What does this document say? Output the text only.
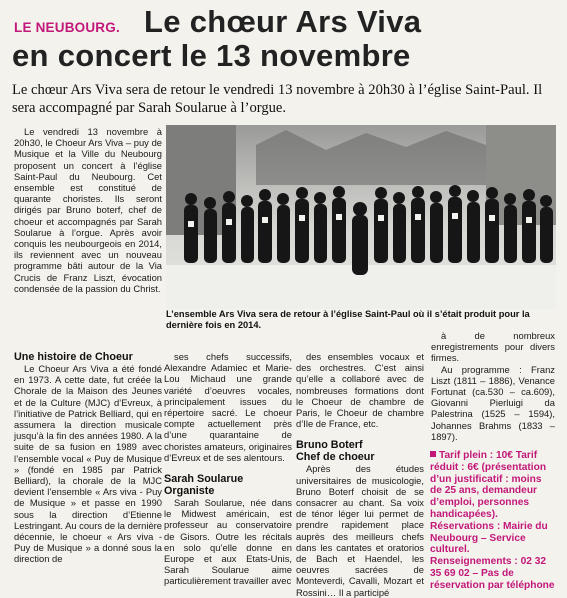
LE NEUBOURG. Le chœur Ars Viva
en concert le 13 novembre
Le chœur Ars Viva sera de retour le vendredi 13 novembre à 20h30 à l’église Saint-Paul. Il sera accompagné par Sarah Soularue à l’orgue.

Le vendredi 13 novembre à 20h30, le Choeur Ars Viva – puy de Musique et la Ville du Neubourg proposent un concert à l’église Saint-Paul du Neubourg. Cet ensemble est constitué de quarante choristes. Ils seront dirigés par Bruno boterf, chef de choeur et accompagnés par Sarah Soularue à l’orgue. Après avoir conquis les neubourgeois en 2014, ils reviennent avec un nouveau programme bâti autour de la Via Crucis de Franz Liszt, évocation condensée de la passion du Christ.

L’ensemble Ars Viva sera de retour à l’église Saint-Paul où il s’était produit pour la dernière fois en 2014.

Une histoire de Choeur

Le Choeur Ars Viva a été fondé en 1973. A cette date, fut créée la Chorale de la Maison des Jeunes et de la Culture (MJC) d’Evreux, à l’initiative de Patrick Belliard, qui en assumera la direction musicale jusqu’à la fin des années 1980. A la suite de sa fusion en 1989 avec l’ensemble vocal « Puy de Musique » (fondé en 1985 par Patrick Belliard), la chorale de la MJC devient l’ensemble « Ars viva - Puy de Musique » et passe en 1990 sous la direction d’Etienne Lestringant. Au cours de la dernière décennie, le choeur « Ars viva - Puy de Musique » a donné sous la direction de

ses chefs successifs, Alexandre Adamiec et Marie-Lou Michaud une grande variété d’oeuvres vocales, principalement issues du répertoire sacré. Le choeur compte actuellement près d’une quarantaine de choristes amateurs, originaires d’Evreux et de ses alentours.

Sarah Soularue

Organiste

Sarah Soularue, née dans le Midwest américain, est professeur au conservatoire de Gisors. Outre les récitals en solo qu’elle donne en Europe et aux Etats-Unis, Sarah Soularue aime particulièrement travailler avec

des ensembles vocaux et des orchestres. C’est ainsi qu’elle a collaboré avec de nombreuses formations dont le Choeur de chambre de Paris, le Choeur de chambre d’Ile de France, etc.

Bruno Boterf

Chef de choeur

Après des études universitaires de musicologie, Bruno Boterf choisit de se consacrer au chant. Sa voix de ténor léger lui permet de prendre rapidement place auprès des meilleurs chefs dans les cantates et oratorios de Bach et Haendel, les oeuvres sacrées de Monteverdi, Cavalli, Mozart et Rossini… Il a participé

à de nombreux enregistrements pour divers firmes.

Au programme : Franz Liszt (1811 – 1886), Venance Fortunat (ca.530 – ca.609), Giovanni Pierluigi da Palestrina (1525 – 1594), Johannes Brahms (1833 – 1897).

Tarif plein : 10€ Tarif réduit : 6€ (présentation d’un justificatif : moins de 25 ans, demandeur d’emploi, personnes handicapées).
Réservations : Mairie du Neubourg – Service culturel.
Renseignements : 02 32 35 69 02 – Pas de réservation par téléphone
